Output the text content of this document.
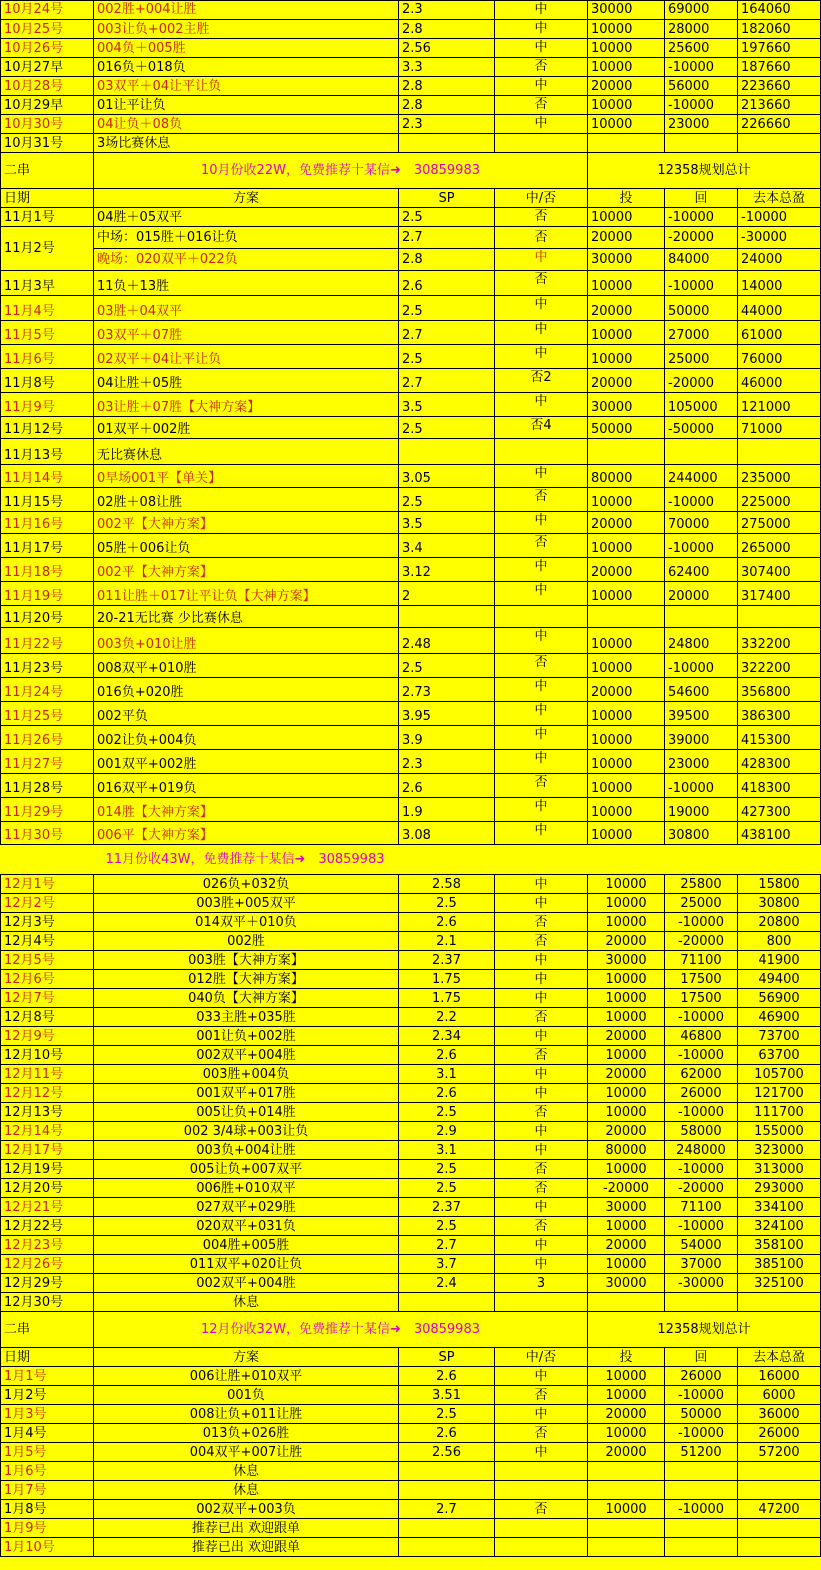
10月24号	002胜+004让胜	2.3	中	30000	69000	164060
10月25号	003让负+002主胜	2.8	中	10000	28000	182060
10月26号	004负＋005胜	2.56	中	10000	25600	197660
10月27早	016负＋018负	3.3	否	10000	-10000	187660
10月28号	03双平＋04让平让负	2.8	中	20000	56000	223660
10月29早	01让平让负	2.8	否	10000	-10000	213660
10月30号	04让负＋08负	2.3	中	10000	23000	226660
10月31号	3场比赛休息					
二串	10月份收22W，免费推荐十某信➜　30859983			12358规划总计		
日期	方案	SP	中/否	投	回	去本总盈
11月1号	04胜＋05双平	2.5	否	10000	-10000	-10000
11月2号	中场：015胜＋016让负	2.7	否	20000	-20000	-30000
	晚场：020双平＋022负	2.8	中	30000	84000	24000
11月3早	11负＋13胜	2.6	否	10000	-10000	14000
11月4号	03胜＋04双平	2.5	中	20000	50000	44000
11月5号	03双平＋07胜	2.7	中	10000	27000	61000
11月6号	02双平＋04让平让负	2.5	中	10000	25000	76000
11月8号	04让胜＋05胜	2.7	否2	20000	-20000	46000
11月9号	03让胜＋07胜【大神方案】	3.5	中	30000	105000	121000
11月12号	01双平＋002胜	2.5	否4	50000	-50000	71000
11月13号	无比赛休息					
11月14号	0早场001平【单关】	3.05	中	80000	244000	235000
11月15号	02胜＋08让胜	2.5	否	10000	-10000	225000
11月16号	002平【大神方案】	3.5	中	20000	70000	275000
11月17号	05胜＋006让负	3.4	否	10000	-10000	265000
11月18号	002平【大神方案】	3.12	中	20000	62400	307400
11月19号	011让胜＋017让平让负【大神方案】	2	中	10000	20000	317400
11月20号	20-21无比赛 少比赛休息					
11月22号	003负+010让胜	2.48	中	10000	24800	332200
11月23号	008双平+010胜	2.5	否	10000	-10000	322200
11月24号	016负+020胜	2.73	中	20000	54600	356800
11月25号	002平负	3.95	中	10000	39500	386300
11月26号	002让负+004负	3.9	中	10000	39000	415300
11月27号	001双平+002胜	2.3	中	10000	23000	428300
11月28号	016双平+019负	2.6	否	10000	-10000	418300
11月29号	014胜【大神方案】	1.9	中	10000	19000	427300
11月30号	006平【大神方案】	3.08	中	10000	30800	438100
11月份收43W，免费推荐十某信➜　30859983						
12月1号	026负+032负	2.58	中	10000	25800	15800
12月2号	003胜+005双平	2.5	中	10000	25000	30800
12月3号	014双平＋010负	2.6	否	10000	-10000	20800
12月4号	002胜	2.1	否	20000	-20000	800
12月5号	003胜【大神方案】	2.37	中	30000	71100	41900
12月6号	012胜【大神方案】	1.75	中	10000	17500	49400
12月7号	040负【大神方案】	1.75	中	10000	17500	56900
12月8号	033主胜+035胜	2.2	否	10000	-10000	46900
12月9号	001让负+002胜	2.34	中	20000	46800	73700
12月10号	002双平+004胜	2.6	否	10000	-10000	63700
12月11号	003胜+004负	3.1	中	20000	62000	105700
12月12号	001双平+017胜	2.6	中	10000	26000	121700
12月13号	005让负+014胜	2.5	否	10000	-10000	111700
12月14号	002 3/4球+003让负	2.9	中	20000	58000	155000
12月17号	003负+004让胜	3.1	中	80000	248000	323000
12月19号	005让负+007双平	2.5	否	10000	-10000	313000
12月20号	006胜+010双平	2.5	否	-20000	-20000	293000
12月21号	027双平+029胜	2.37	中	30000	71100	334100
12月22号	020双平+031负	2.5	否	10000	-10000	324100
12月23号	004胜+005胜	2.7	中	20000	54000	358100
12月26号	011双平+020让负	3.7	中	10000	37000	385100
12月29号	002双平+004胜	2.4	3	30000	-30000	325100
12月30号	休息					
二串	12月份收32W，免费推荐十某信➜　30859983			12358规划总计		
日期	方案	SP	中/否	投	回	去本总盈
1月1号	006让胜+010双平	2.6	中	10000	26000	16000
1月2号	001负	3.51	否	10000	-10000	6000
1月3号	008让负+011让胜	2.5	中	20000	50000	36000
1月4号	013负+026胜	2.6	否	10000	-10000	26000
1月5号	004双平+007让胜	2.56	中	20000	51200	57200
1月6号	休息					
1月7号	休息					
1月8号	002双平+003负	2.7	否	10000	-10000	47200
1月9号	推荐已出 欢迎跟单					
1月10号	推荐已出 欢迎跟单					
